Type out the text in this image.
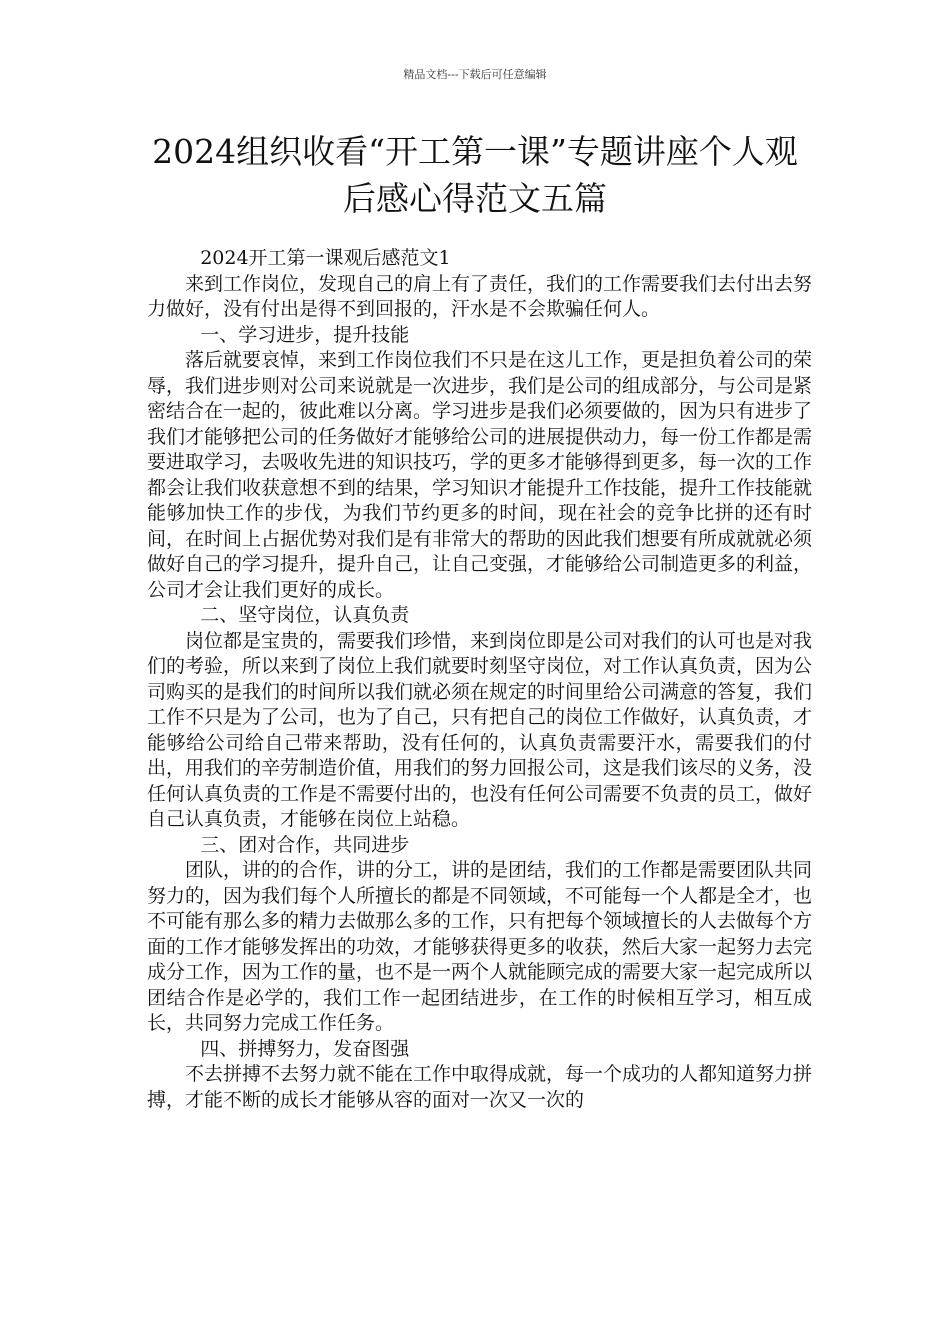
精品文档---下载后可任意编辑
2024组织收看“开工第一课”专题讲座个人观后感心得范文五篇

2024开工第一课观后感范文1

来到工作岗位，发现自己的肩上有了责任，我们的工作需要我们去付出去努力做好，没有付出是得不到回报的，汗水是不会欺骗任何人。

一、学习进步，提升技能

落后就要哀悼，来到工作岗位我们不只是在这儿工作，更是担负着公司的荣辱，我们进步则对公司来说就是一次进步，我们是公司的组成部分，与公司是紧密结合在一起的，彼此难以分离。学习进步是我们必须要做的，因为只有进步了我们才能够把公司的任务做好才能够给公司的进展提供动力，每一份工作都是需要进取学习，去吸收先进的知识技巧，学的更多才能够得到更多，每一次的工作都会让我们收获意想不到的结果，学习知识才能提升工作技能，提升工作技能就能够加快工作的步伐，为我们节约更多的时间，现在社会的竞争比拼的还有时间，在时间上占据优势对我们是有非常大的帮助的因此我们想要有所成就就必须做好自己的学习提升，提升自己，让自己变强，才能够给公司制造更多的利益，公司才会让我们更好的成长。

二、坚守岗位，认真负责

岗位都是宝贵的，需要我们珍惜，来到岗位即是公司对我们的认可也是对我们的考验，所以来到了岗位上我们就要时刻坚守岗位，对工作认真负责，因为公司购买的是我们的时间所以我们就必须在规定的时间里给公司满意的答复，我们工作不只是为了公司，也为了自己，只有把自己的岗位工作做好，认真负责，才能够给公司给自己带来帮助，没有任何的，认真负责需要汗水，需要我们的付出，用我们的辛劳制造价值，用我们的努力回报公司，这是我们该尽的义务，没任何认真负责的工作是不需要付出的，也没有任何公司需要不负责的员工，做好自己认真负责，才能够在岗位上站稳。

三、团对合作，共同进步

团队，讲的的合作，讲的分工，讲的是团结，我们的工作都是需要团队共同努力的，因为我们每个人所擅长的都是不同领域，不可能每一个人都是全才，也不可能有那么多的精力去做那么多的工作，只有把每个领域擅长的人去做每个方面的工作才能够发挥出的功效，才能够获得更多的收获，然后大家一起努力去完成分工作，因为工作的量，也不是一两个人就能顾完成的需要大家一起完成所以团结合作是必学的，我们工作一起团结进步，在工作的时候相互学习，相互成长，共同努力完成工作任务。

四、拼搏努力，发奋图强

不去拼搏不去努力就不能在工作中取得成就，每一个成功的人都知道努力拼搏，才能不断的成长才能够从容的面对一次又一次的
